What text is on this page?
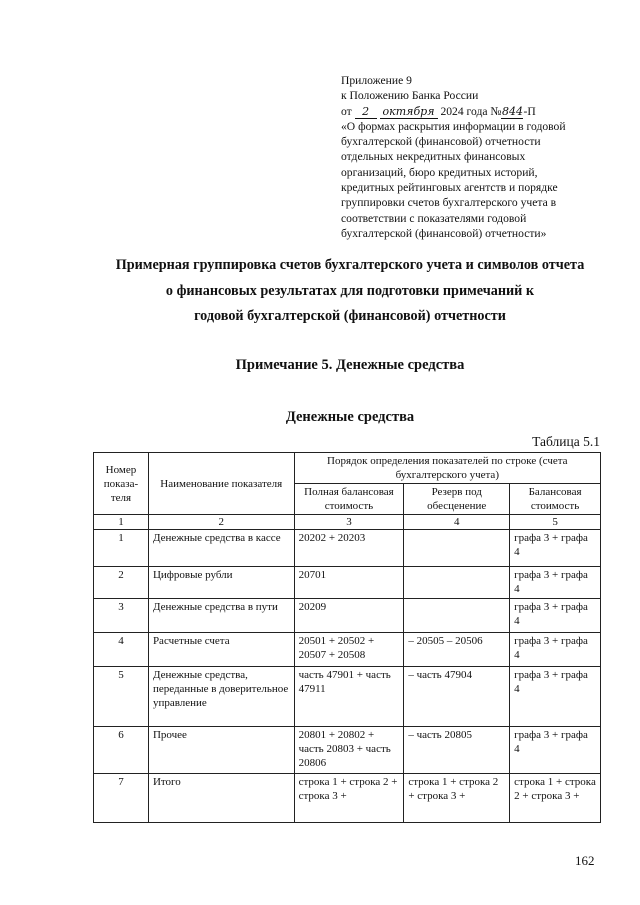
Приложение 9
к Положению Банка России
от 2 октября 2024 года №844-П
«О формах раскрытия информации в годовой
бухгалтерской (финансовой) отчетности
отдельных некредитных финансовых
организаций, бюро кредитных историй,
кредитных рейтинговых агентств и порядке
группировки счетов бухгалтерского учета в
соответствии с показателями годовой
бухгалтерской (финансовой) отчетности»
Примерная группировка счетов бухгалтерского учета и символов отчета
о финансовых результатах для подготовки примечаний к
годовой бухгалтерской (финансовой) отчетности
Примечание 5. Денежные средства
Денежные средства
Таблица 5.1
Номер показа-теля	Наименование показателя	Порядок определения показателей по строке (счета бухгалтерского учета)		
		Полная балансовая стоимость	Резерв под обесценение	Балансовая стоимость
1	2	3	4	5
1	Денежные средства в кассе	20202 + 20203		графа 3 + графа 4
2	Цифровые рубли	20701		графа 3 + графа 4
3	Денежные средства в пути	20209		графа 3 + графа 4
4	Расчетные счета	20501 + 20502 + 20507 + 20508	– 20505 – 20506	графа 3 + графа 4
5	Денежные средства, переданные в доверительное управление	часть 47901 + часть 47911	– часть 47904	графа 3 + графа 4
6	Прочее	20801 + 20802 + часть 20803 + часть 20806	– часть 20805	графа 3 + графа 4
7	Итого	строка 1 + строка 2 + строка 3 +	строка 1 + строка 2 + строка 3 +	строка 1 + строка 2 + строка 3 +
162
